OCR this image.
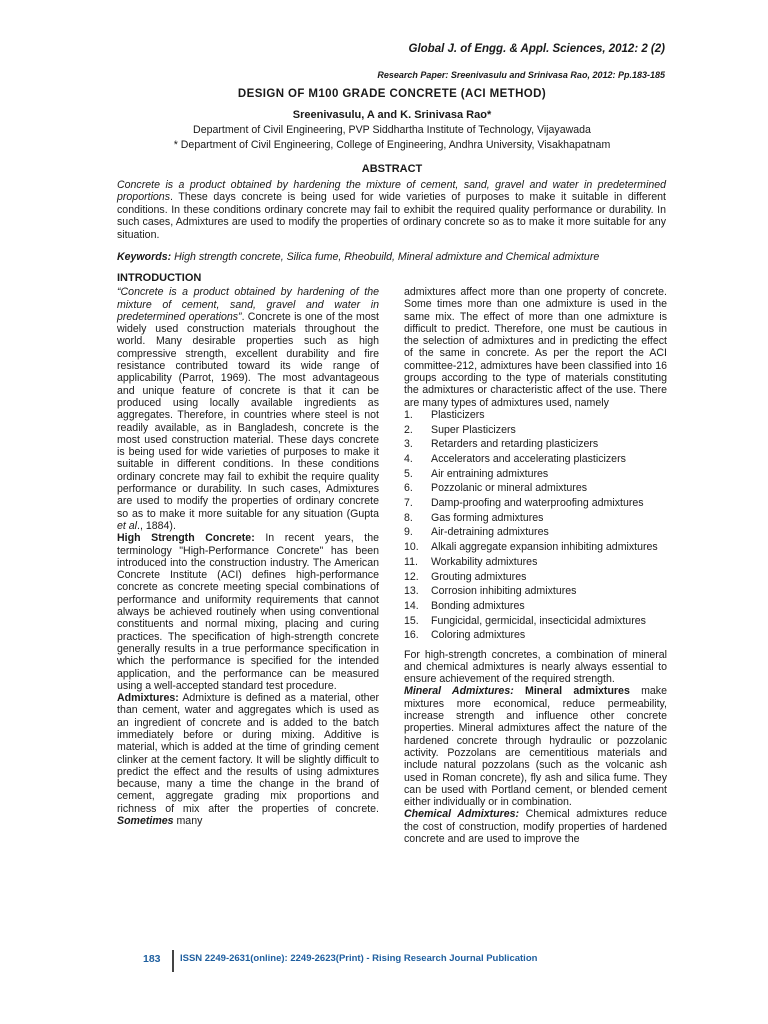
Global J. of Engg. & Appl. Sciences, 2012: 2 (2)
Research Paper: Sreenivasulu and Srinivasa Rao, 2012: Pp.183-185
DESIGN OF M100 GRADE CONCRETE (ACI METHOD)
Sreenivasulu, A and K. Srinivasa Rao*
Department of Civil Engineering, PVP Siddhartha Institute of Technology, Vijayawada
* Department of Civil Engineering, College of Engineering, Andhra University, Visakhapatnam
ABSTRACT
Concrete is a product obtained by hardening the mixture of cement, sand, gravel and water in predetermined proportions. These days concrete is being used for wide varieties of purposes to make it suitable in different conditions. In these conditions ordinary concrete may fail to exhibit the required quality performance or durability. In such cases, Admixtures are used to modify the properties of ordinary concrete so as to make it more suitable for any situation.
Keywords: High strength concrete, Silica fume, Rheobuild, Mineral admixture and Chemical admixture
INTRODUCTION

“Concrete is a product obtained by hardening of the mixture of cement, sand, gravel and water in predetermined operations”. Concrete is one of the most widely used construction materials throughout the world. Many desirable properties such as high compressive strength, excellent durability and fire resistance contributed toward its wide range of applicability (Parrot, 1969). The most advantageous and unique feature of concrete is that it can be produced using locally available ingredients as aggregates. Therefore, in countries where steel is not readily available, as in Bangladesh, concrete is the most used construction material. These days concrete is being used for wide varieties of purposes to make it suitable in different conditions. In these conditions ordinary concrete may fail to exhibit the require quality performance or durability. In such cases, Admixtures are used to modify the properties of ordinary concrete so as to make it more suitable for any situation (Gupta et al., 1884).

High Strength Concrete: In recent years, the terminology "High-Performance Concrete" has been introduced into the construction industry. The American Concrete Institute (ACI) defines high-performance concrete as concrete meeting special combinations of performance and uniformity requirements that cannot always be achieved routinely when using conventional constituents and normal mixing, placing and curing practices. The specification of high-strength concrete generally results in a true performance specification in which the performance is specified for the intended application, and the performance can be measured using a well-accepted standard test procedure.

Admixtures: Admixture is defined as a material, other than cement, water and aggregates which is used as an ingredient of concrete and is added to the batch immediately before or during mixing. Additive is material, which is added at the time of grinding cement clinker at the cement factory. It will be slightly difficult to predict the effect and the results of using admixtures because, many a time the change in the brand of cement, aggregate grading mix proportions and richness of mix after the properties of concrete. Sometimes many

admixtures affect more than one property of concrete. Some times more than one admixture is used in the same mix. The effect of more than one admixture is difficult to predict. Therefore, one must be cautious in the selection of admixtures and in predicting the effect of the same in concrete. As per the report the ACI committee-212, admixtures have been classified into 16 groups according to the type of materials constituting the admixtures or characteristic affect of the use. There are many types of admixtures used, namely

1.	Plasticizers
2.	Super Plasticizers
3.	Retarders and retarding plasticizers
4.	Accelerators and accelerating plasticizers
5.	Air entraining admixtures
6.	Pozzolanic or mineral admixtures
7.	Damp-proofing and waterproofing admixtures
8.	Gas forming admixtures
9.	Air-detraining admixtures
10.	Alkali aggregate expansion inhibiting admixtures
11.	Workability admixtures
12.	Grouting admixtures
13.	Corrosion inhibiting admixtures
14.	Bonding admixtures
15.	Fungicidal, germicidal, insecticidal admixtures
16.	Coloring admixtures

For high-strength concretes, a combination of mineral and chemical admixtures is nearly always essential to ensure achievement of the required strength.

Mineral Admixtures: Mineral admixtures make mixtures more economical, reduce permeability, increase strength and influence other concrete properties. Mineral admixtures affect the nature of the hardened concrete through hydraulic or pozzolanic activity. Pozzolans are cementitious materials and include natural pozzolans (such as the volcanic ash used in Roman concrete), fly ash and silica fume. They can be used with Portland cement, or blended cement either individually or in combination.

Chemical Admixtures: Chemical admixtures reduce the cost of construction, modify properties of hardened concrete and are used to improve the

183 ISSN 2249-2631(online): 2249-2623(Print) - Rising Research Journal Publication
